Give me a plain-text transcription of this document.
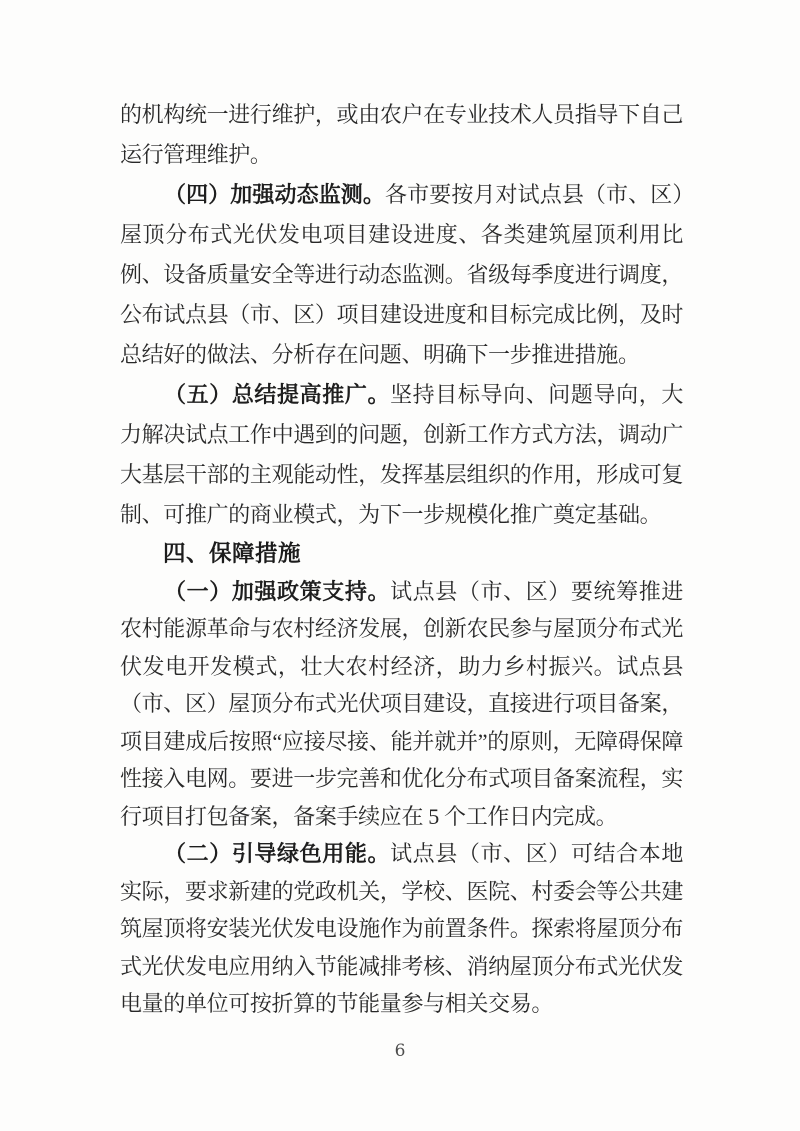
的机构统一进行维护，或由农户在专业技术人员指导下自己运行管理维护。

（四）加强动态监测。各市要按月对试点县（市、区）屋顶分布式光伏发电项目建设进度、各类建筑屋顶利用比例、设备质量安全等进行动态监测。省级每季度进行调度，公布试点县（市、区）项目建设进度和目标完成比例，及时总结好的做法、分析存在问题、明确下一步推进措施。

（五）总结提高推广。坚持目标导向、问题导向，大力解决试点工作中遇到的问题，创新工作方式方法，调动广大基层干部的主观能动性，发挥基层组织的作用，形成可复制、可推广的商业模式，为下一步规模化推广奠定基础。

四、保障措施

（一）加强政策支持。试点县（市、区）要统筹推进农村能源革命与农村经济发展，创新农民参与屋顶分布式光伏发电开发模式，壮大农村经济，助力乡村振兴。试点县（市、区）屋顶分布式光伏项目建设，直接进行项目备案，项目建成后按照“应接尽接、能并就并”的原则，无障碍保障性接入电网。要进一步完善和优化分布式项目备案流程，实行项目打包备案，备案手续应在 5 个工作日内完成。

（二）引导绿色用能。试点县（市、区）可结合本地实际，要求新建的党政机关，学校、医院、村委会等公共建筑屋顶将安装光伏发电设施作为前置条件。探索将屋顶分布式光伏发电应用纳入节能减排考核、消纳屋顶分布式光伏发电量的单位可按折算的节能量参与相关交易。

6
